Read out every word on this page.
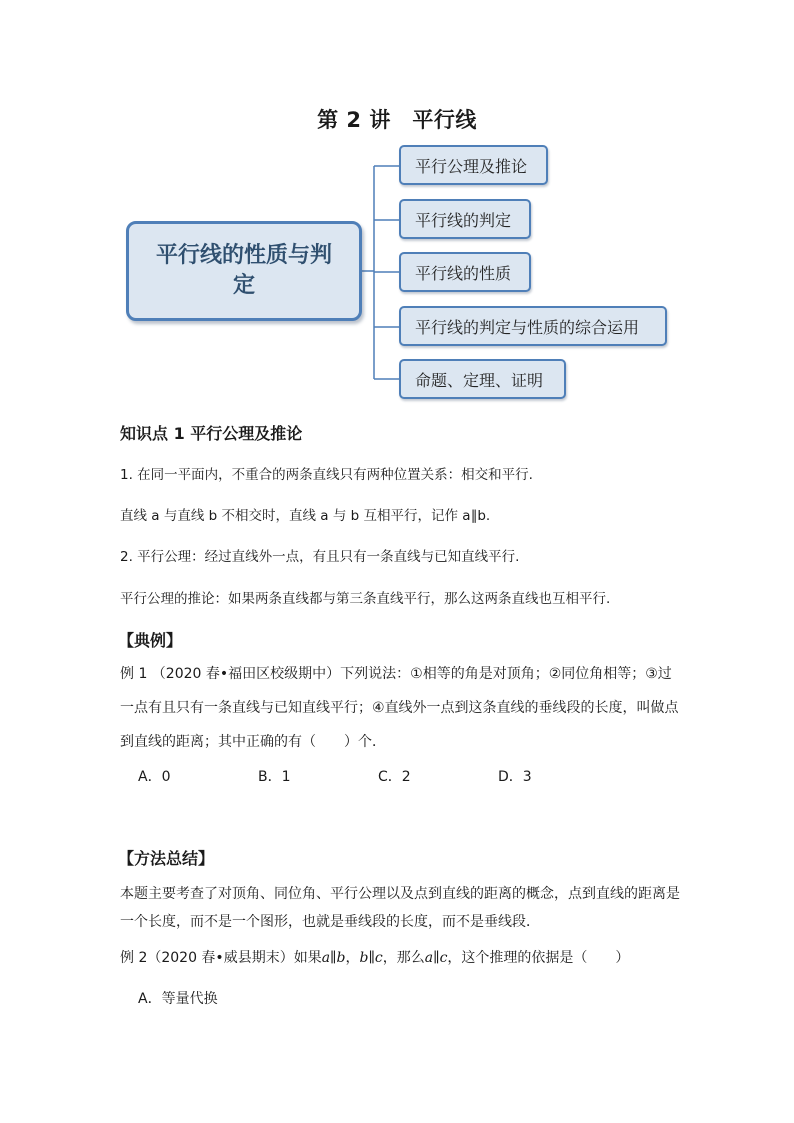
第 2 讲　平行线
平行线的性质与判定
平行公理及推论
平行线的判定
平行线的性质
平行线的判定与性质的综合运用
命题、定理、证明
知识点 1 平行公理及推论
1. 在同一平面内，不重合的两条直线只有两种位置关系：相交和平行.
直线 a 与直线 b 不相交时，直线 a 与 b 互相平行，记作 a∥b.
2. 平行公理：经过直线外一点，有且只有一条直线与已知直线平行.
平行公理的推论：如果两条直线都与第三条直线平行，那么这两条直线也互相平行.
【典例】
例 1 （2020 春•福田区校级期中）下列说法：①相等的角是对顶角；②同位角相等；③过一点有且只有一条直线与已知直线平行；④直线外一点到这条直线的垂线段的长度，叫做点到直线的距离；其中正确的有（　　）个．
A．0	B．1	C．2	D．3
【方法总结】
本题主要考查了对顶角、同位角、平行公理以及点到直线的距离的概念，点到直线的距离是一个长度，而不是一个图形，也就是垂线段的长度，而不是垂线段．
例 2（2020 春•威县期末）如果a∥b，b∥c，那么a∥c，这个推理的依据是（　　）
A．等量代换
